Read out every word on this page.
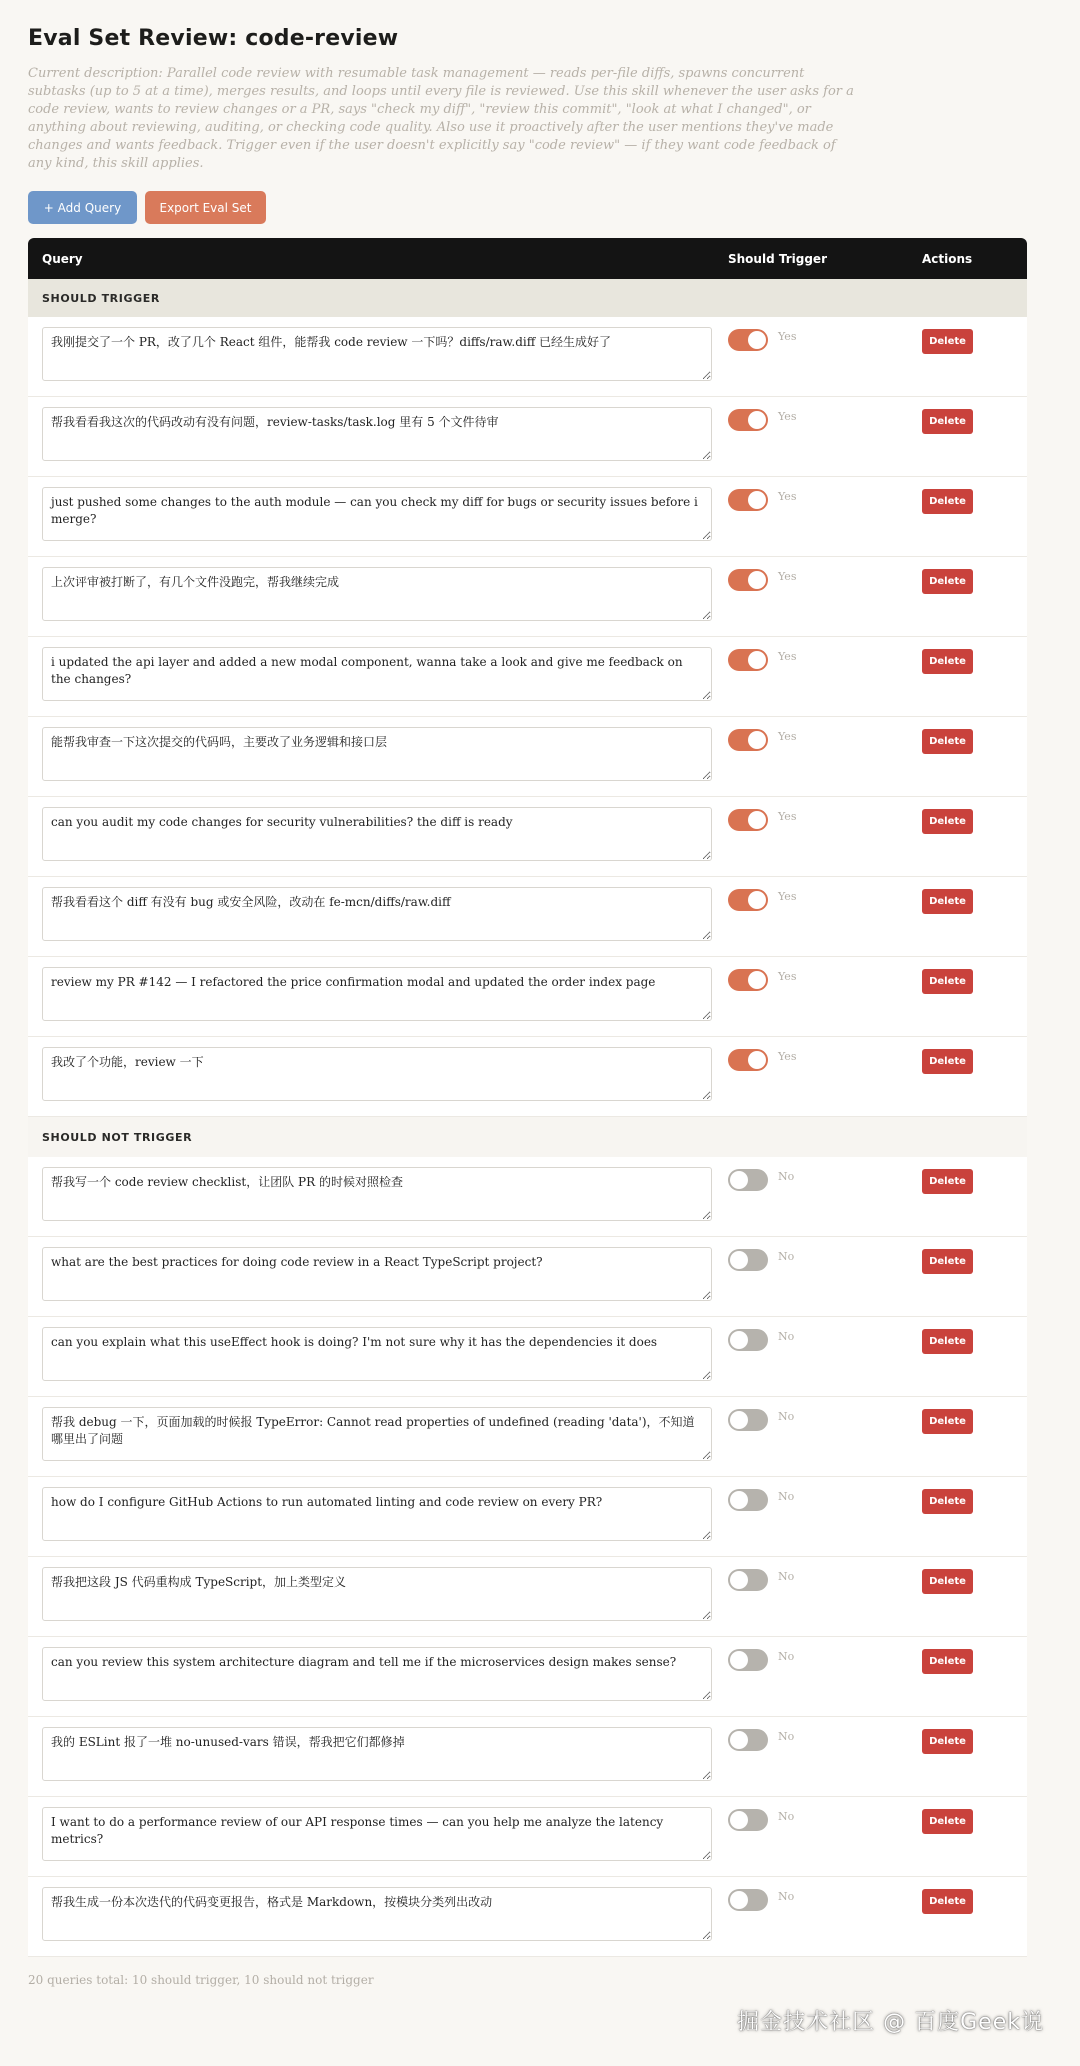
Eval Set Review: code-review

Current description: Parallel code review with resumable task management — reads per-file diffs, spawns concurrent subtasks (up to 5 at a time), merges results, and loops until every file is reviewed. Use this skill whenever the user asks for a code review, wants to review changes or a PR, says "check my diff", "review this commit", "look at what I changed", or anything about reviewing, auditing, or checking code quality. Also use it proactively after the user mentions they've made changes and wants feedback. Trigger even if the user doesn't explicitly say "code review" — if they want code feedback of any kind, this skill applies.

+ Add Query	Export Eval Set
Query	Should Trigger	Actions
SHOULD TRIGGER
我刚提交了一个 PR，改了几个 React 组件，能帮我 code review 一下吗？diffs/raw.diff 已经生成好了
Yes	Delete
帮我看看我这次的代码改动有没有问题，review-tasks/task.log 里有 5 个文件待审
Yes	Delete
just pushed some changes to the auth module — can you check my diff for bugs or security issues before i merge?
Yes	Delete
上次评审被打断了，有几个文件没跑完，帮我继续完成
Yes	Delete
i updated the api layer and added a new modal component, wanna take a look and give me feedback on the changes?
Yes	Delete
能帮我审查一下这次提交的代码吗，主要改了业务逻辑和接口层
Yes	Delete
can you audit my code changes for security vulnerabilities? the diff is ready
Yes	Delete
帮我看看这个 diff 有没有 bug 或安全风险，改动在 fe-mcn/diffs/raw.diff
Yes	Delete
review my PR #142 — I refactored the price confirmation modal and updated the order index page
Yes	Delete
我改了个功能，review 一下
Yes	Delete
SHOULD NOT TRIGGER
帮我写一个 code review checklist，让团队 PR 的时候对照检查
No	Delete
what are the best practices for doing code review in a React TypeScript project?
No	Delete
can you explain what this useEffect hook is doing? I'm not sure why it has the dependencies it does
No	Delete
帮我 debug 一下，页面加载的时候报 TypeError: Cannot read properties of undefined (reading 'data')，不知道哪里出了问题
No	Delete
how do I configure GitHub Actions to run automated linting and code review on every PR?
No	Delete
帮我把这段 JS 代码重构成 TypeScript，加上类型定义
No	Delete
can you review this system architecture diagram and tell me if the microservices design makes sense?
No	Delete
我的 ESLint 报了一堆 no-unused-vars 错误，帮我把它们都修掉
No	Delete
I want to do a performance review of our API response times — can you help me analyze the latency metrics?
No	Delete
帮我生成一份本次迭代的代码变更报告，格式是 Markdown，按模块分类列出改动
No	Delete
20 queries total: 10 should trigger, 10 should not trigger
掘金技术社区 @ 百度Geek说
